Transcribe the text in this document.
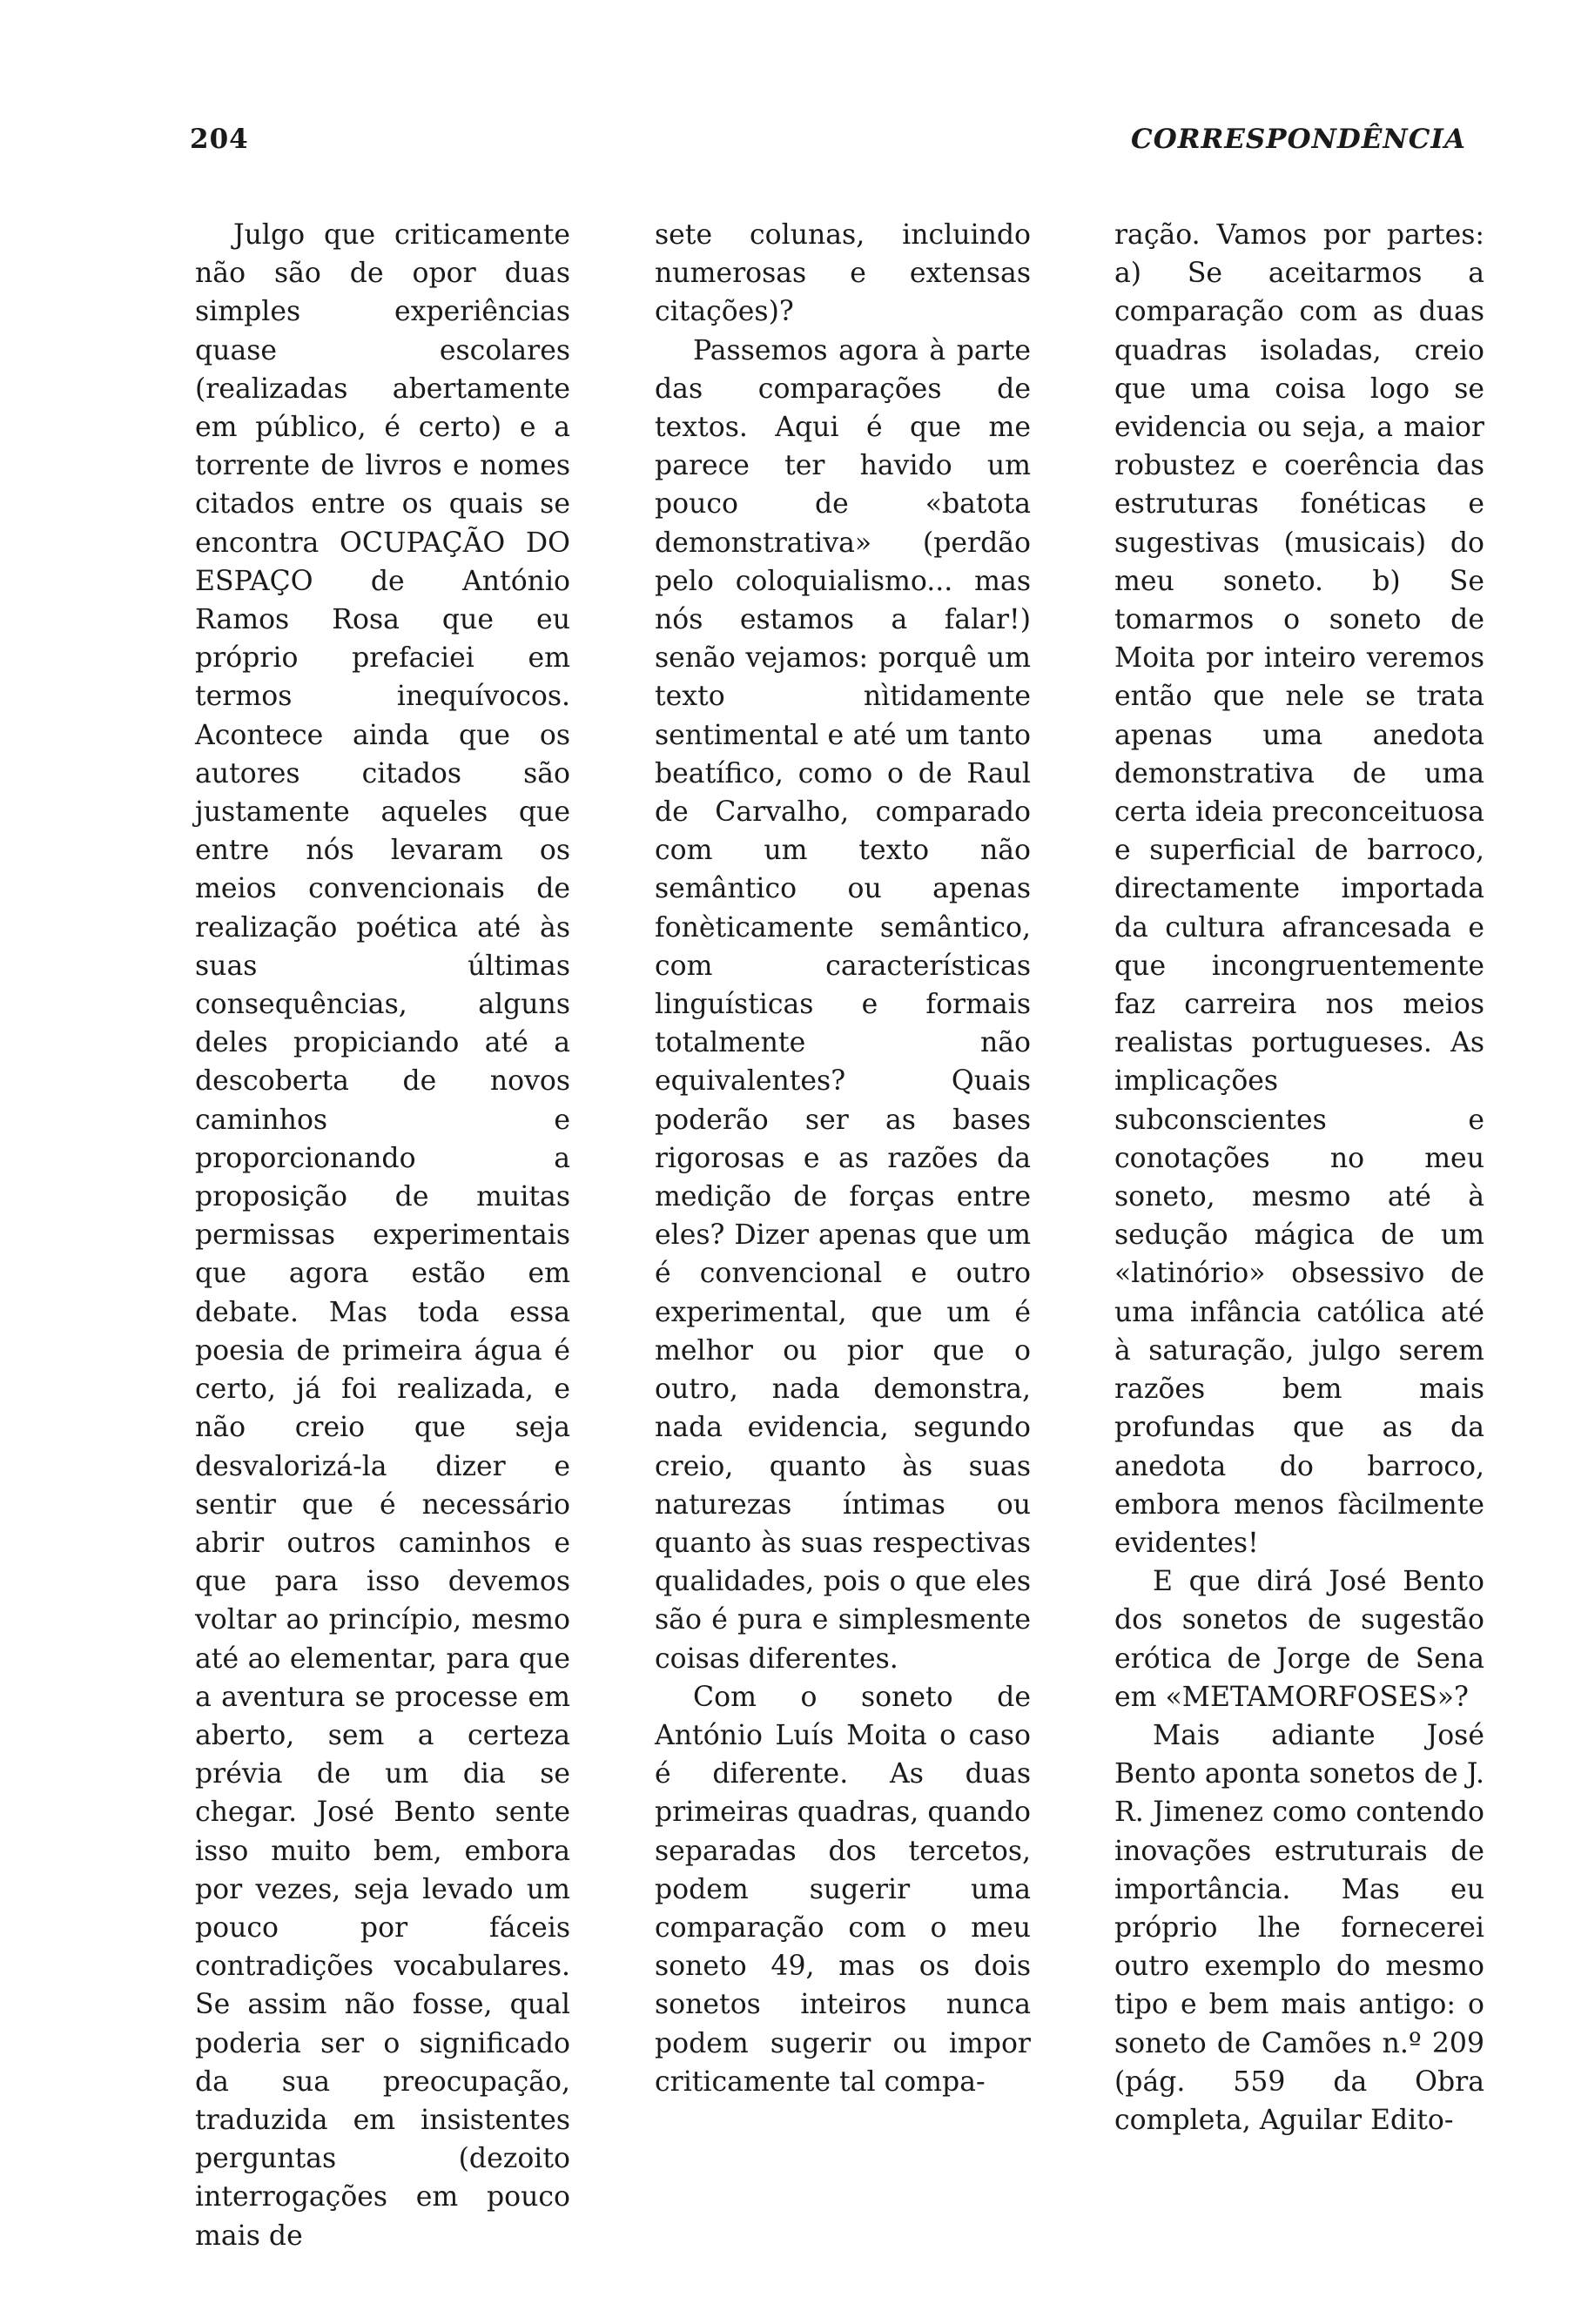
204	CORRESPONDÊNCIA

Julgo que criticamente não são de opor duas simples experiências quase escolares (realizadas abertamente em público, é certo) e a torrente de livros e nomes citados entre os quais se encontra OCUPAÇÃO DO ESPAÇO de António Ramos Rosa que eu próprio prefaciei em termos inequívocos. Acontece ainda que os autores citados são justamente aqueles que entre nós levaram os meios convencionais de realização poética até às suas últimas consequências, alguns deles propiciando até a descoberta de novos caminhos e proporcionando a proposição de muitas permissas experimentais que agora estão em debate. Mas toda essa poesia de primeira água é certo, já foi realizada, e não creio que seja desvalorizá-la dizer e sentir que é necessário abrir outros caminhos e que para isso devemos voltar ao princípio, mesmo até ao elementar, para que a aventura se processe em aberto, sem a certeza prévia de um dia se chegar. José Bento sente isso muito bem, embora por vezes, seja levado um pouco por fáceis contradições vocabulares. Se assim não fosse, qual poderia ser o significado da sua preocupação, traduzida em insistentes perguntas (dezoito interrogações em pouco mais de

sete colunas, incluindo numerosas e extensas citações)?

Passemos agora à parte das comparações de textos. Aqui é que me parece ter havido um pouco de «batota demonstrativa» (perdão pelo coloquialismo... mas nós estamos a falar!) senão vejamos: porquê um texto nìtidamente sentimental e até um tanto beatífico, como o de Raul de Carvalho, comparado com um texto não semântico ou apenas fonèticamente semântico, com características linguísticas e formais totalmente não equivalentes? Quais poderão ser as bases rigorosas e as razões da medição de forças entre eles? Dizer apenas que um é convencional e outro experimental, que um é melhor ou pior que o outro, nada demonstra, nada evidencia, segundo creio, quanto às suas naturezas íntimas ou quanto às suas respectivas qualidades, pois o que eles são é pura e simplesmente coisas diferentes.

Com o soneto de António Luís Moita o caso é diferente. As duas primeiras quadras, quando separadas dos tercetos, podem sugerir uma comparação com o meu soneto 49, mas os dois sonetos inteiros nunca podem sugerir ou impor criticamente tal compa-

ração. Vamos por partes: a) Se aceitarmos a comparação com as duas quadras isoladas, creio que uma coisa logo se evidencia ou seja, a maior robustez e coerência das estruturas fonéticas e sugestivas (musicais) do meu soneto. b) Se tomarmos o soneto de Moita por inteiro veremos então que nele se trata apenas uma anedota demonstrativa de uma certa ideia preconceituosa e superficial de barroco, directamente importada da cultura afrancesada e que incongruentemente faz carreira nos meios realistas portugueses. As implicações subconscientes e conotações no meu soneto, mesmo até à sedução mágica de um «latinório» obsessivo de uma infância católica até à saturação, julgo serem razões bem mais profundas que as da anedota do barroco, embora menos fàcilmente evidentes!

E que dirá José Bento dos sonetos de sugestão erótica de Jorge de Sena em «METAMORFOSES»?

Mais adiante José Bento aponta sonetos de J. R. Jimenez como contendo inovações estruturais de importância. Mas eu próprio lhe fornecerei outro exemplo do mesmo tipo e bem mais antigo: o soneto de Camões n.º 209 (pág. 559 da Obra completa, Aguilar Edito-
